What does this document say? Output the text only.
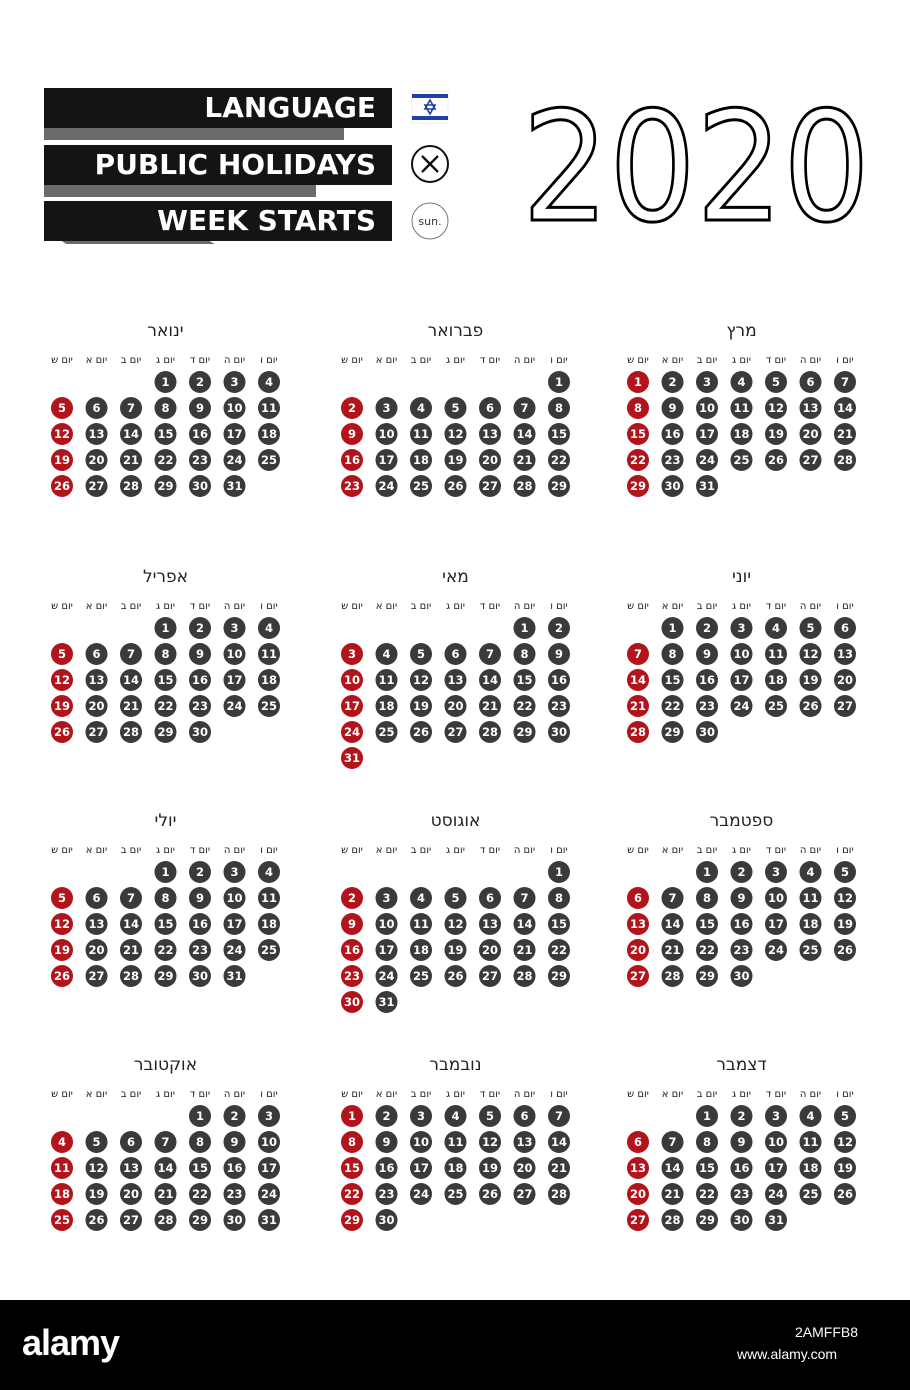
LANGUAGE
PUBLIC HOLIDAYS
WEEK STARTS	sun. 2020
ינואר
יום ש יום א יום ב יום ג יום ד יום ה יום ו
1 2 3 4
5 6 7 8 9 10 11
12 13 14 15 16 17 18
19 20 21 22 23 24 25
26 27 28 29 30 31
פברואר
יום ש יום א יום ב יום ג יום ד יום ה יום ו
1
2 3 4 5 6 7 8
9 10 11 12 13 14 15
16 17 18 19 20 21 22
23 24 25 26 27 28 29
מרץ
יום ש יום א יום ב יום ג יום ד יום ה יום ו
1 2 3 4 5 6 7
8 9 10 11 12 13 14
15 16 17 18 19 20 21
22 23 24 25 26 27 28
29 30 31
אפריל
יום ש יום א יום ב יום ג יום ד יום ה יום ו
1 2 3 4
5 6 7 8 9 10 11
12 13 14 15 16 17 18
19 20 21 22 23 24 25
26 27 28 29 30
מאי
יום ש יום א יום ב יום ג יום ד יום ה יום ו
1 2
3 4 5 6 7 8 9
10 11 12 13 14 15 16
17 18 19 20 21 22 23
24 25 26 27 28 29 30
31
יוני
יום ש יום א יום ב יום ג יום ד יום ה יום ו
1 2 3 4 5 6
7 8 9 10 11 12 13
14 15 16 17 18 19 20
21 22 23 24 25 26 27
28 29 30
יולי
יום ש יום א יום ב יום ג יום ד יום ה יום ו
1 2 3 4
5 6 7 8 9 10 11
12 13 14 15 16 17 18
19 20 21 22 23 24 25
26 27 28 29 30 31
אוגוסט
יום ש יום א יום ב יום ג יום ד יום ה יום ו
1
2 3 4 5 6 7 8
9 10 11 12 13 14 15
16 17 18 19 20 21 22
23 24 25 26 27 28 29
30 31
ספטמבר
יום ש יום א יום ב יום ג יום ד יום ה יום ו
1 2 3 4 5
6 7 8 9 10 11 12
13 14 15 16 17 18 19
20 21 22 23 24 25 26
27 28 29 30
אוקטובר
יום ש יום א יום ב יום ג יום ד יום ה יום ו
1 2 3
4 5 6 7 8 9 10
11 12 13 14 15 16 17
18 19 20 21 22 23 24
25 26 27 28 29 30 31
נובמבר
יום ש יום א יום ב יום ג יום ד יום ה יום ו
1 2 3 4 5 6 7
8 9 10 11 12 13 14
15 16 17 18 19 20 21
22 23 24 25 26 27 28
29 30
דצמבר
יום ש יום א יום ב יום ג יום ד יום ה יום ו
1 2 3 4 5
6 7 8 9 10 11 12
13 14 15 16 17 18 19
20 21 22 23 24 25 26
27 28 29 30 31
alamy	2AMFFB8
www.alamy.com
